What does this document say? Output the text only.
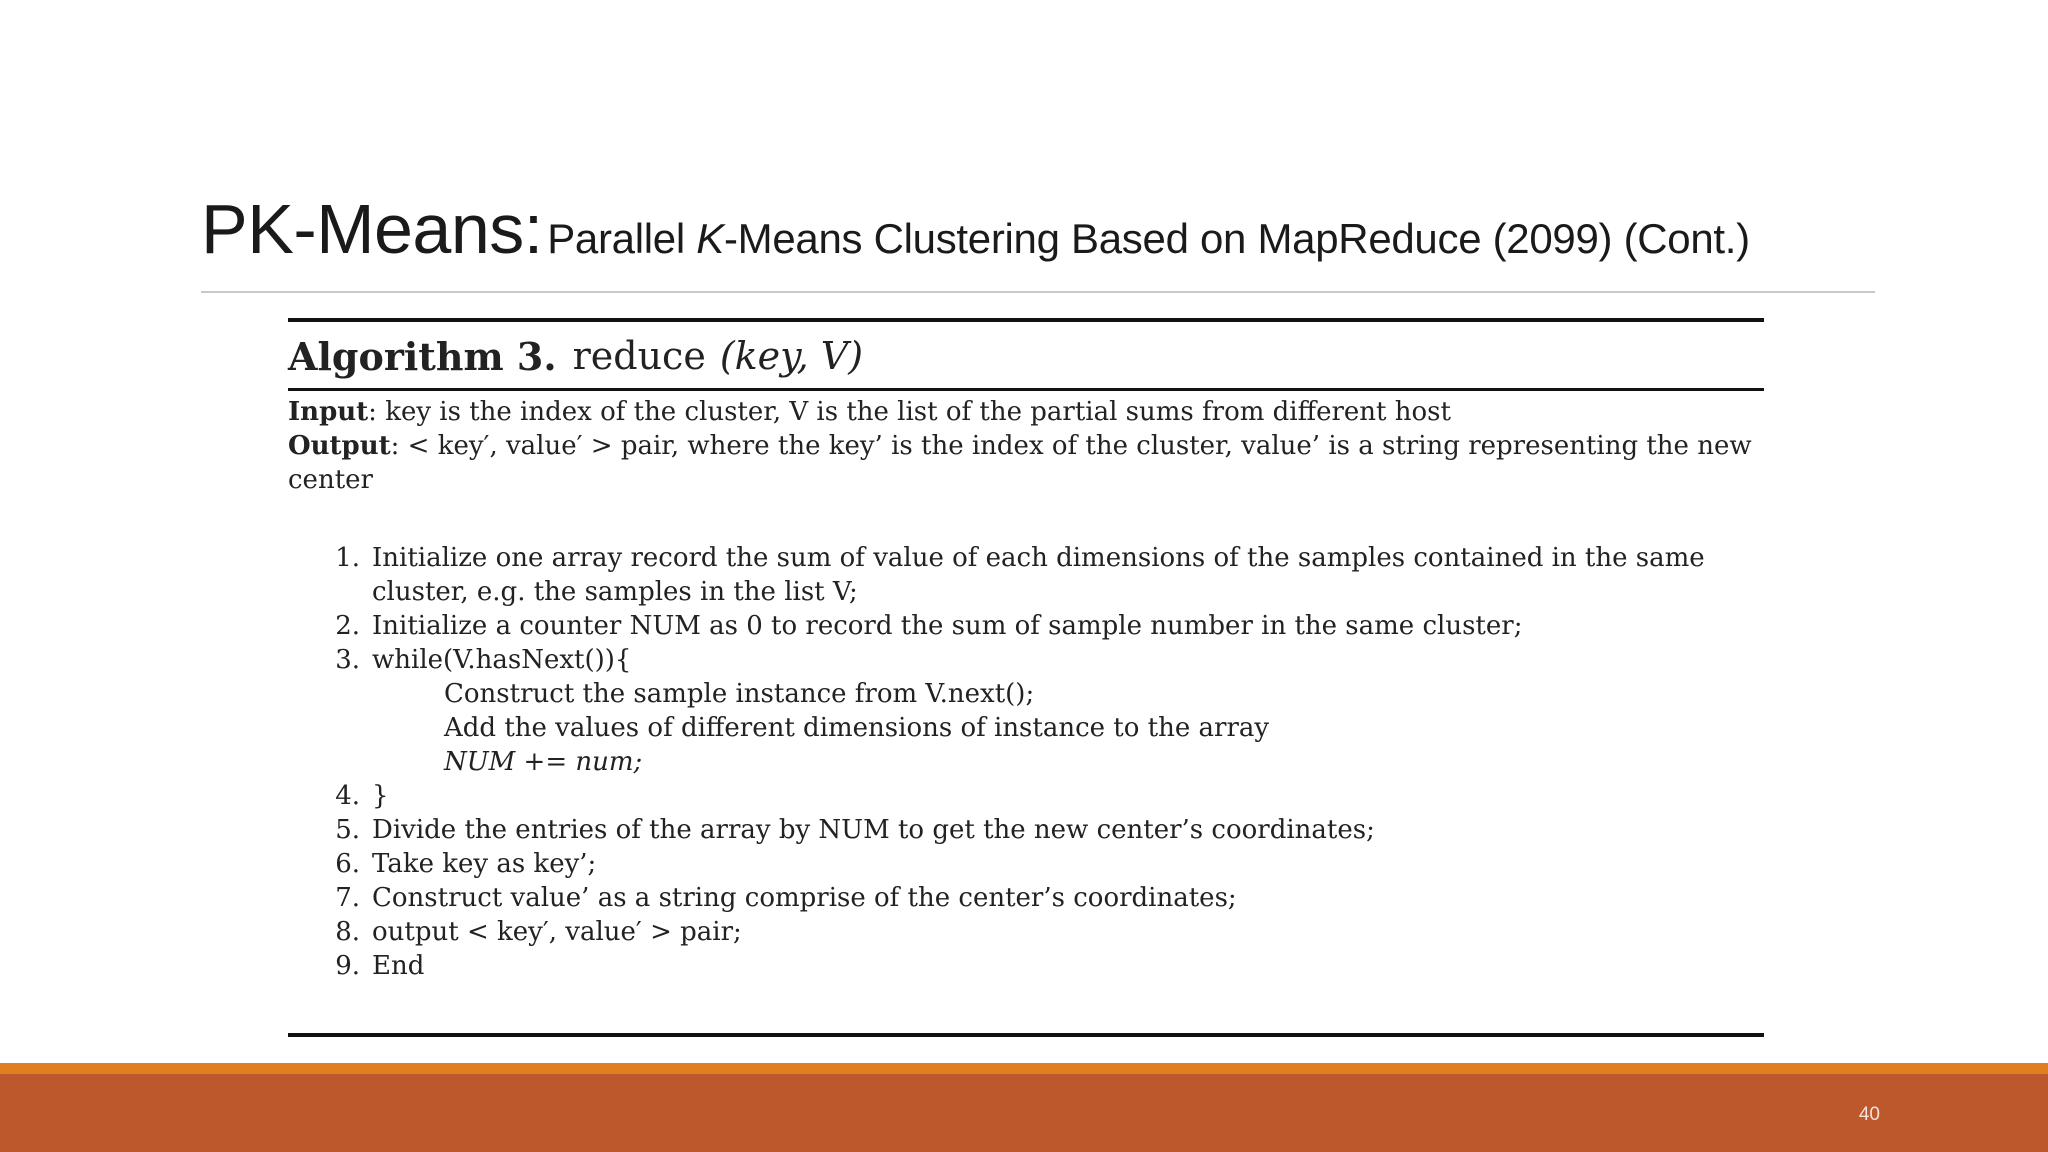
PK-Means: Parallel K-Means Clustering Based on MapReduce (2099) (Cont.)
Algorithm 3. reduce (key, V)
Input: key is the index of the cluster, V is the list of the partial sums from different host
Output: < key′, value′ > pair, where the key’ is the index of the cluster, value’ is a string representing the new center
1. Initialize one array record the sum of value of each dimensions of the samples contained in the same cluster, e.g. the samples in the list V;
2. Initialize a counter NUM as 0 to record the sum of sample number in the same cluster;
3. while(V.hasNext()){
Construct the sample instance from V.next();
Add the values of different dimensions of instance to the array
NUM += num;
4. }
5. Divide the entries of the array by NUM to get the new center’s coordinates;
6. Take key as key’;
7. Construct value’ as a string comprise of the center’s coordinates;
8. output < key′, value′ > pair;
9. End
40
